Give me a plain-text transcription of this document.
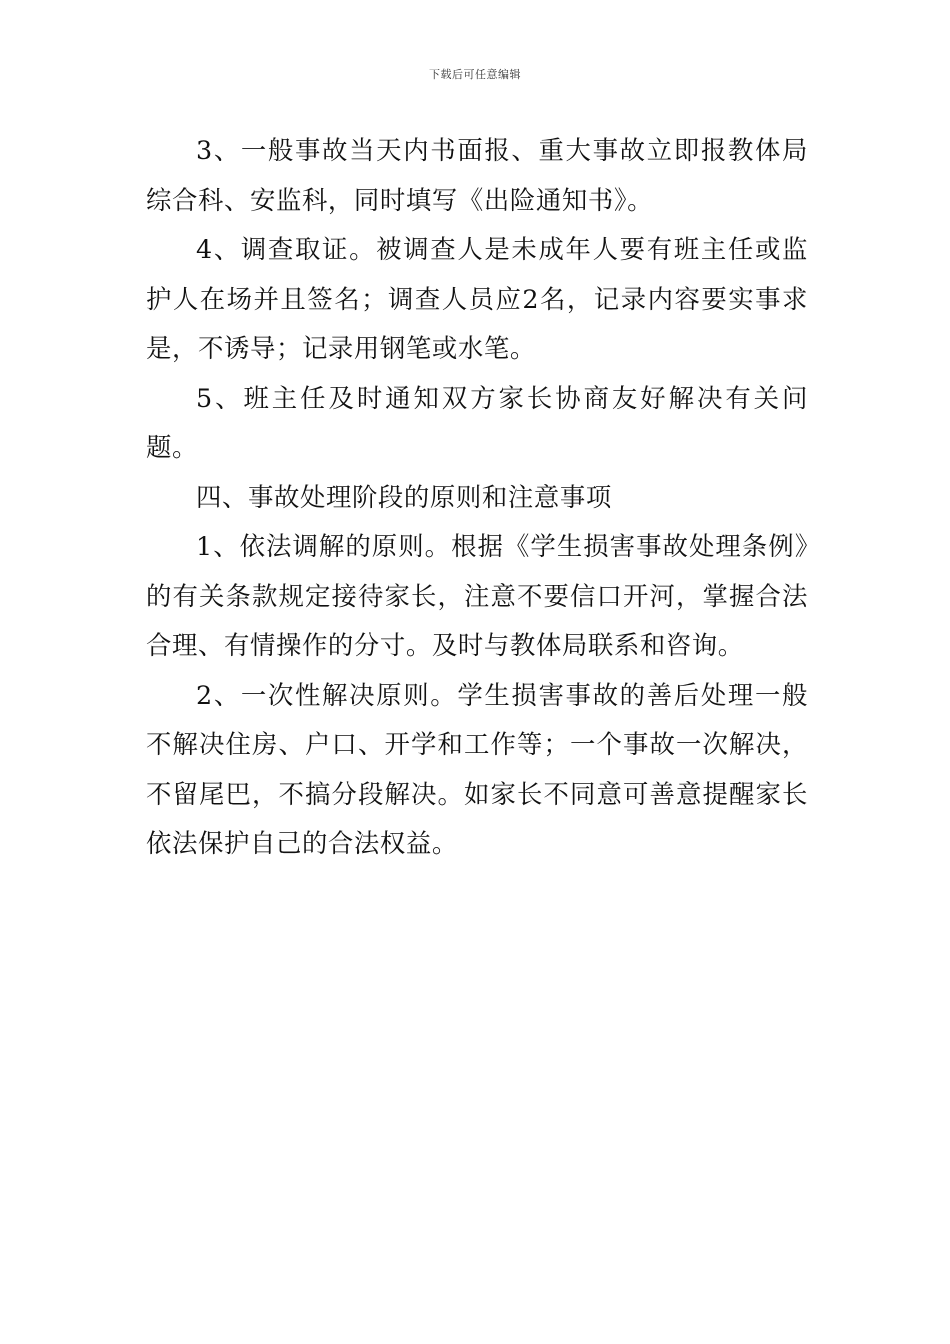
下载后可任意编辑

3、一般事故当天内书面报、重大事故立即报教体局综合科、安监科，同时填写《出险通知书》。

4、调查取证。被调查人是未成年人要有班主任或监护人在场并且签名；调查人员应2名，记录内容要实事求是，不诱导；记录用钢笔或水笔。

5、班主任及时通知双方家长协商友好解决有关问题。

四、事故处理阶段的原则和注意事项

1、依法调解的原则。根据《学生损害事故处理条例》的有关条款规定接待家长，注意不要信口开河，掌握合法合理、有情操作的分寸。及时与教体局联系和咨询。

2、一次性解决原则。学生损害事故的善后处理一般不解决住房、户口、开学和工作等；一个事故一次解决，不留尾巴，不搞分段解决。如家长不同意可善意提醒家长依法保护自己的合法权益。
